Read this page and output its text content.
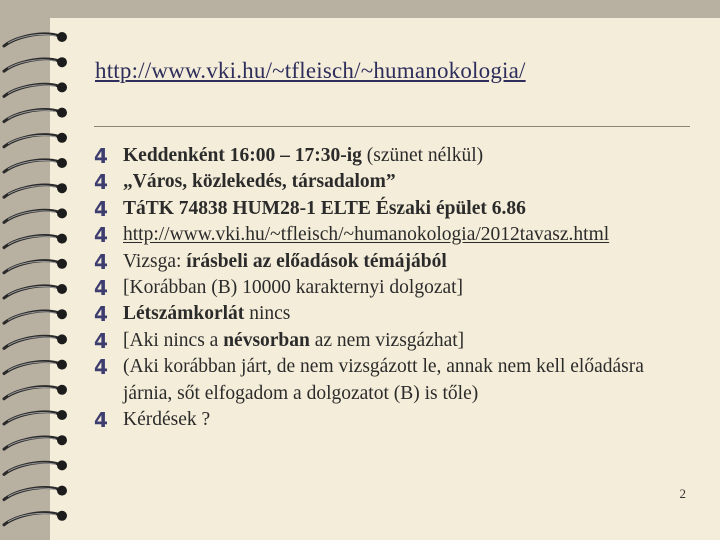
http://www.vki.hu/~tfleisch/~humanokologia/
4 Keddenként 16:00 – 17:30-ig (szünet nélkül)
4 „Város, közlekedés, társadalom”
4 TáTK 74838 HUM28-1 ELTE Északi épület 6.86
4 http://www.vki.hu/~tfleisch/~humanokologia/2012tavasz.html
4 Vizsga: írásbeli az előadások témájából
4 [Korábban (B) 10000 karakternyi dolgozat]
4 Létszámkorlát nincs
4 [Aki nincs a névsorban az nem vizsgázhat]
4 (Aki korábban járt, de nem vizsgázott le, annak nem kell előadásra járnia, sőt elfogadom a dolgozatot (B) is tőle)
4 Kérdések ?
2
